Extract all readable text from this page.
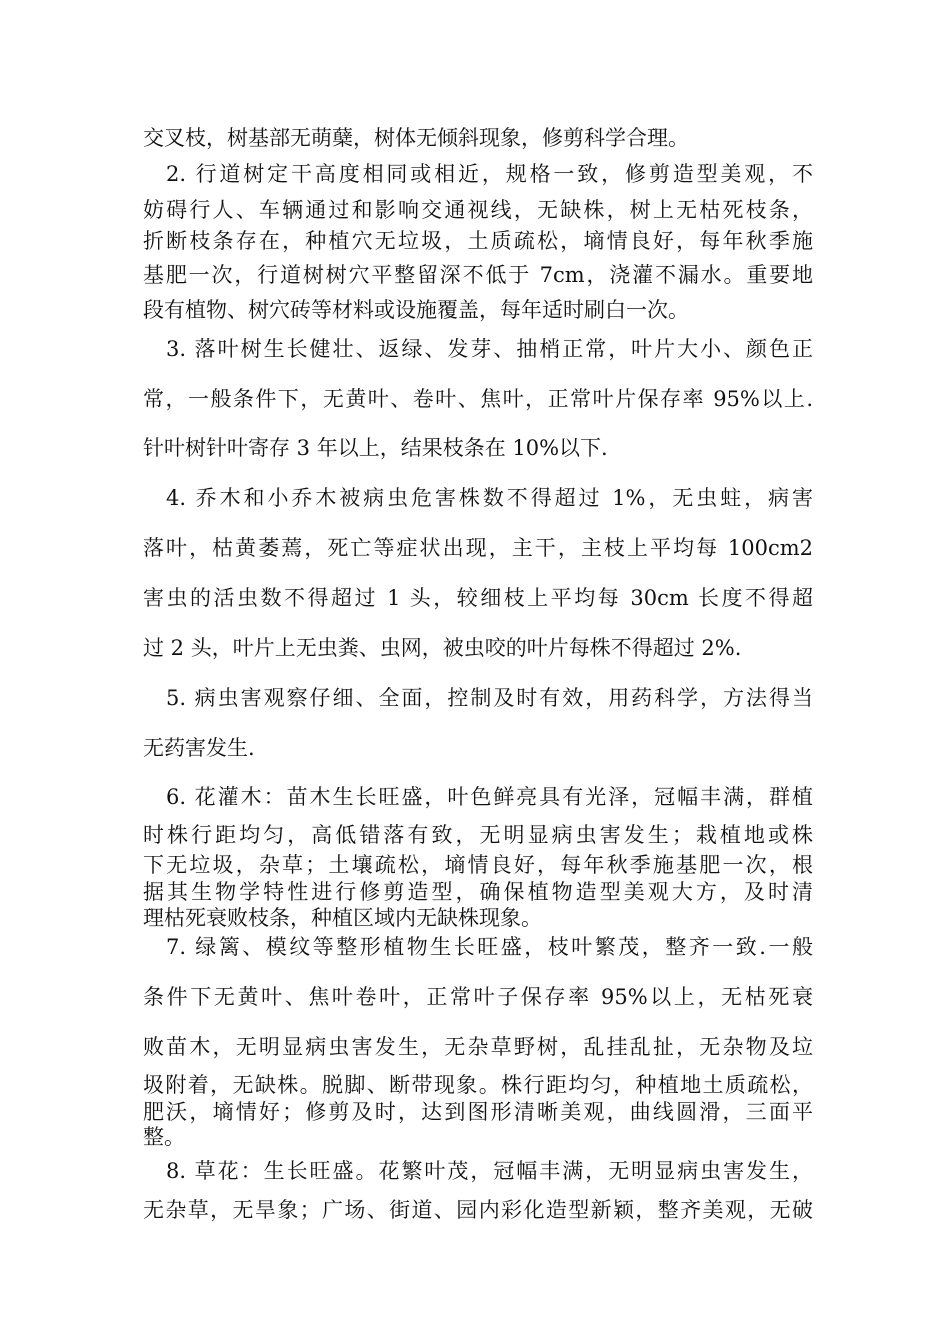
交叉枝，树基部无萌蘖，树体无倾斜现象，修剪科学合理。
2. 行道树定干高度相同或相近，规格一致，修剪造型美观，不
妨碍行人、车辆通过和影响交通视线，无缺株，树上无枯死枝条，
折断枝条存在，种植穴无垃圾，土质疏松，墒情良好，每年秋季施
基肥一次，行道树树穴平整留深不低于 7cm，浇灌不漏水。重要地
段有植物、树穴砖等材料或设施覆盖，每年适时刷白一次。
3. 落叶树生长健壮、返绿、发芽、抽梢正常，叶片大小、颜色正
常，一般条件下，无黄叶、卷叶、焦叶，正常叶片保存率 95%以上.
针叶树针叶寄存 3 年以上，结果枝条在 10%以下.
4. 乔木和小乔木被病虫危害株数不得超过 1%，无虫蛀，病害
落叶，枯黄萎蔫，死亡等症状出现，主干，主枝上平均每 100cm2
害虫的活虫数不得超过 1 头，较细枝上平均每 30cm 长度不得超
过 2 头，叶片上无虫粪、虫网，被虫咬的叶片每株不得超过 2%.
5. 病虫害观察仔细、全面，控制及时有效，用药科学，方法得当
无药害发生.
6. 花灌木：苗木生长旺盛，叶色鲜亮具有光泽，冠幅丰满，群植
时株行距均匀，高低错落有致，无明显病虫害发生；栽植地或株
下无垃圾，杂草；土壤疏松，墒情良好，每年秋季施基肥一次，根
据其生物学特性进行修剪造型，确保植物造型美观大方，及时清
理枯死衰败枝条，种植区域内无缺株现象。
7. 绿篱、模纹等整形植物生长旺盛，枝叶繁茂，整齐一致.一般
条件下无黄叶、焦叶卷叶，正常叶子保存率 95%以上，无枯死衰
败苗木，无明显病虫害发生，无杂草野树，乱挂乱扯，无杂物及垃
圾附着，无缺株。脱脚、断带现象。株行距均匀，种植地土质疏松，
肥沃，墒情好；修剪及时，达到图形清晰美观，曲线圆滑，三面平
整。
8. 草花：生长旺盛。花繁叶茂，冠幅丰满，无明显病虫害发生，
无杂草，无旱象；广场、街道、园内彩化造型新颖，整齐美观，无破
